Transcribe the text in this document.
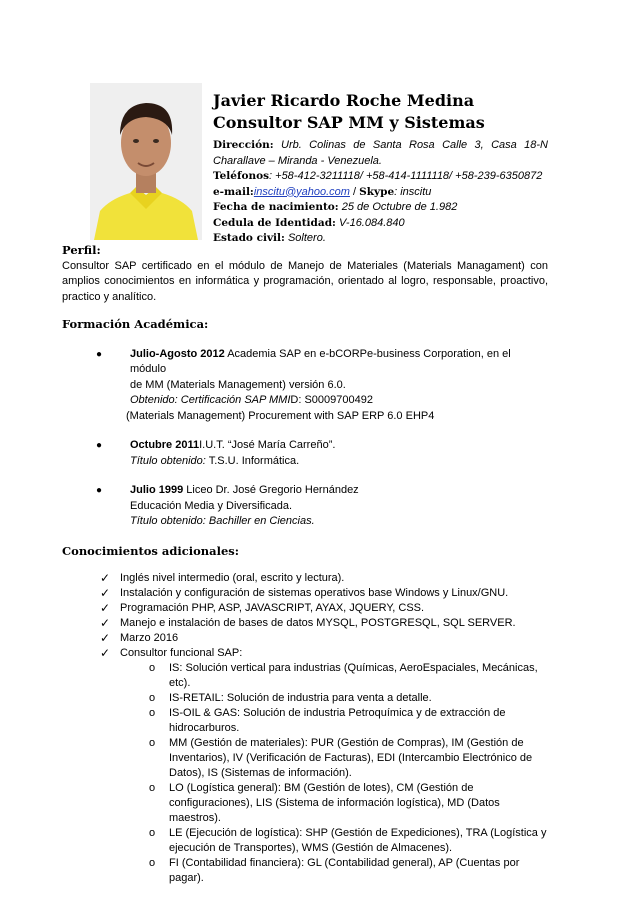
Javier Ricardo Roche Medina

Consultor SAP MM y Sistemas

Dirección: Urb. Colinas de Santa Rosa Calle 3, Casa 18-N

Charallave – Miranda - Venezuela.

Teléfonos: +58-412-3211118/ +58-414-1111118/ +58-239-6350872

e-mail:inscitu@yahoo.com / Skype: inscitu

Fecha de nacimiento: 25 de Octubre de 1.982

Cedula de Identidad: V-16.084.840

Estado civil: Soltero.

Perfil:

Consultor SAP certificado en el módulo de Manejo de Materiales (Materials Managament) con amplios conocimientos en informática y programación, orientado al logro, responsable, proactivo, practico y analítico.

Formación Académica:

●	Julio-Agosto 2012 Academia SAP en e-bCORPe-business Corporation, en el módulo

de MM (Materials Management) versión 6.0.

Obtenido: Certificación SAP MMID: S0009700492

(Materials Management) Procurement with SAP ERP 6.0 EHP4

●	Octubre 2011I.U.T. “José María Carreño”.

Título obtenido: T.S.U. Informática.

●	Julio 1999 Liceo Dr. José Gregorio Hernández

Educación Media y Diversificada.

Título obtenido: Bachiller en Ciencias.

Conocimientos adicionales:

✓ Inglés nivel intermedio (oral, escrito y lectura).
✓ Instalación y configuración de sistemas operativos base Windows y Linux/GNU.
✓ Programación PHP, ASP, JAVASCRIPT, AYAX, JQUERY, CSS.
✓ Manejo e instalación de bases de datos MYSQL, POSTGRESQL, SQL SERVER.
✓ Marzo 2016
✓ Consultor funcional SAP:
o IS: Solución vertical para industrias (Químicas, AeroEspaciales, Mecánicas, etc).
o IS-RETAIL: Solución de industria para venta a detalle.
o IS-OIL & GAS: Solución de industria Petroquímica y de extracción de hidrocarburos.
o MM (Gestión de materiales): PUR (Gestión de Compras), IM (Gestión de Inventarios), IV (Verificación de Facturas), EDI (Intercambio Electrónico de Datos), IS (Sistemas de información).
o LO (Logística general): BM (Gestión de lotes), CM (Gestión de configuraciones), LIS (Sistema de información logística), MD (Datos maestros).
o LE (Ejecución de logística): SHP (Gestión de Expediciones), TRA (Logística y ejecución de Transportes), WMS (Gestión de Almacenes).
o FI (Contabilidad financiera): GL (Contabilidad general), AP (Cuentas por pagar).
